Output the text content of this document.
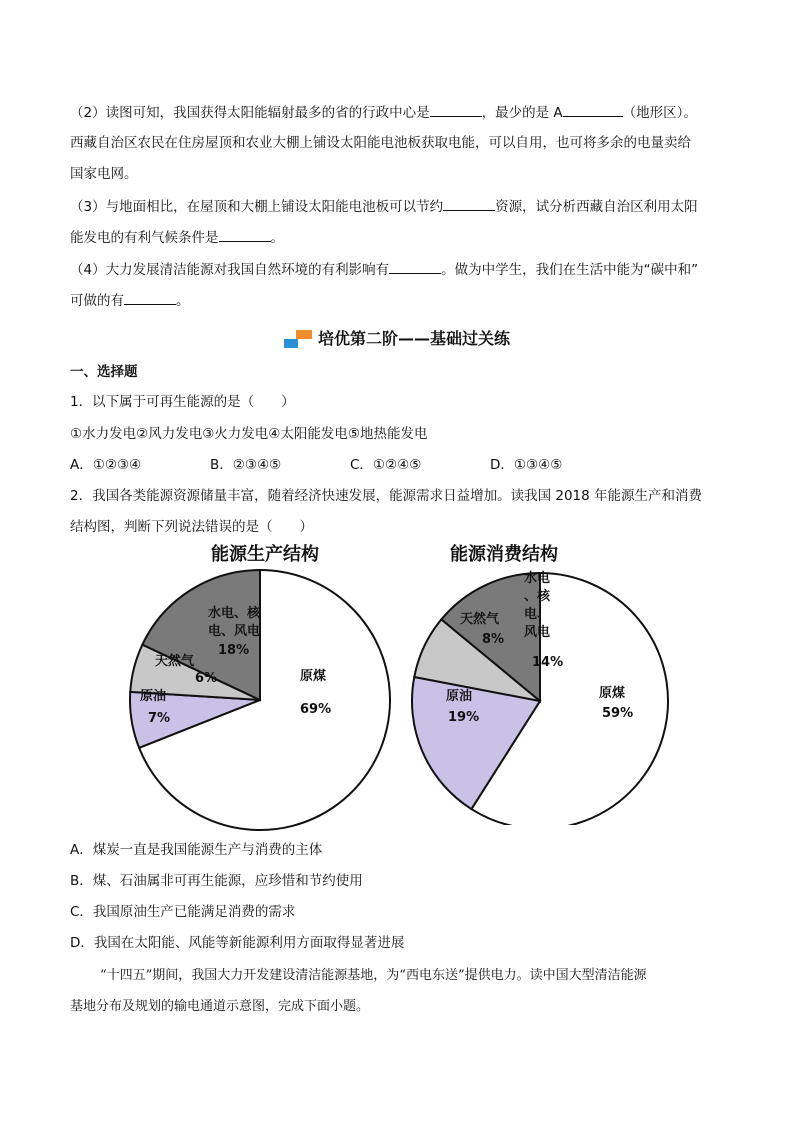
（2）读图可知，我国获得太阳能辐射最多的省的行政中心是	，最少的是 A	（地形区）。
西藏自治区农民在住房屋顶和农业大棚上铺设太阳能电池板获取电能，可以自用，也可将多余的电量卖给
国家电网。
（3）与地面相比，在屋顶和大棚上铺设太阳能电池板可以节约	资源，试分析西藏自治区利用太阳
能发电的有利气候条件是	。
（4）大力发展清洁能源对我国自然环境的有利影响有	。做为中学生，我们在生活中能为“碳中和”
可做的有	。
培优第二阶——基础过关练
一、选择题
1．以下属于可再生能源的是（　　）
①水力发电②风力发电③火力发电④太阳能发电⑤地热能发电
A．①②③④	B．②③④⑤	C．①②④⑤	D．①③④⑤
2．我国各类能源资源储量丰富，随着经济快速发展，能源需求日益增加。读我国 2018 年能源生产和消费
结构图，判断下列说法错误的是（　　）
能源生产结构
原煤
69%
原油
7%
天然气
6%
水电、核
电、风电
18%
能源消费结构
原煤
59%
原油
19%
天然气
8%
水电
、核
电、
风电
14%
A．煤炭一直是我国能源生产与消费的主体
B．煤、石油属非可再生能源，应珍惜和节约使用
C．我国原油生产已能满足消费的需求
D．我国在太阳能、风能等新能源利用方面取得显著进展
“十四五”期间，我国大力开发建设清洁能源基地，为“西电东送”提供电力。读中国大型清洁能源
基地分布及规划的输电通道示意图，完成下面小题。
